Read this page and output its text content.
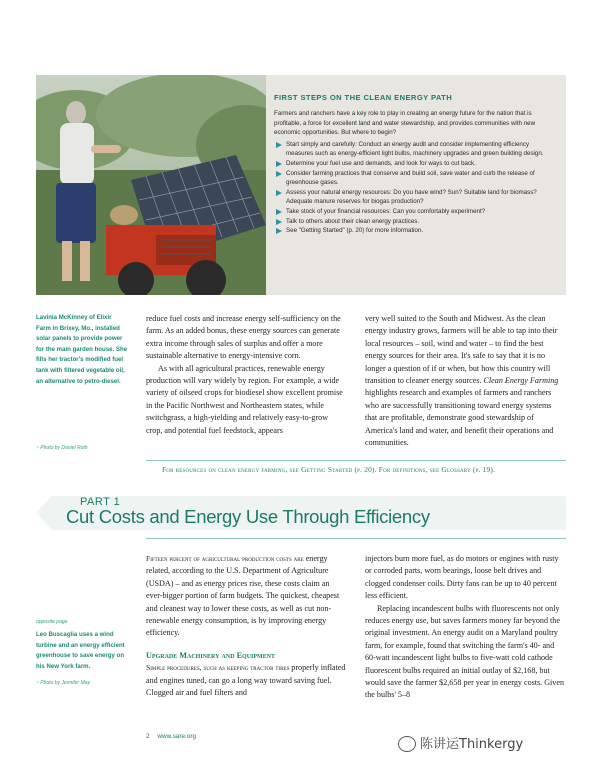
FIRST STEPS ON THE CLEAN ENERGY PATH
Farmers and ranchers have a key role to play in creating an energy future for the nation that is profitable, a force for excellent land and water stewardship, and provides communities with new economic opportunities. But where to begin?
Start simply and carefully: Conduct an energy audit and consider implementing efficiency measures such as energy-efficient light bulbs, machinery upgrades and green building design.
Determine your fuel use and demands, and look for ways to cut back.
Consider farming practices that conserve and build soil, save water and curb the release of greenhouse gases.
Assess your natural energy resources: Do you have wind? Sun? Suitable land for biomass? Adequate manure reserves for biogas production?
Take stock of your financial resources: Can you comfortably experiment?
Talk to others about their clean energy practices.
See "Getting Started" (p. 20) for more information.
Lavinia McKinney of Elixir Farm in Brixey, Mo., installed solar panels to provide power for the main garden house. She fills her tractor's modified fuel tank with filtered vegetable oil, an alternative to petro-diesel.
~ Photo by Daniel Roth

reduce fuel costs and increase energy self-sufficiency on the farm. As an added bonus, these energy sources can generate extra income through sales of surplus and offer a more sustainable alternative to energy-intensive corn.

As with all agricultural practices, renewable energy production will vary widely by region. For example, a wide variety of oilseed crops for biodiesel show excellent promise in the Pacific Northwest and Northeastern states, while switchgrass, a high-yielding and relatively easy-to-grow crop, and potential fuel feedstock, appears

very well suited to the South and Midwest. As the clean energy industry grows, farmers will be able to tap into their local resources – soil, wind and water – to find the best energy sources for their area. It's safe to say that it is no longer a question of if or when, but how this country will transition to cleaner energy sources. Clean Energy Farming highlights research and examples of farmers and ranchers who are successfully transitioning toward energy systems that are profitable, demonstrate good stewardship of America's land and water, and benefit their operations and communities.

For resources on clean energy farming, see Getting Started (p. 20). For definitions, see Glossary (p. 19).
PART 1
Cut Costs and Energy Use Through Efficiency
opposite page
Leo Buscaglia uses a wind turbine and an energy efficient greenhouse to save energy on his New York farm.
~ Photo by Jennifer May

Fifteen percent of agricultural production costs are energy related, according to the U.S. Department of Agriculture (USDA) – and as energy prices rise, these costs claim an ever-bigger portion of farm budgets. The quickest, cheapest and cleanest way to lower these costs, as well as cut non-renewable energy consumption, is by improving energy efficiency.

Upgrade Machinery and Equipment

Simple procedures, such as keeping tractor tires properly inflated and engines tuned, can go a long way toward saving fuel. Clogged air and fuel filters and

injectors burn more fuel, as do motors or engines with rusty or corroded parts, worn bearings, loose belt drives and clogged condenser coils. Dirty fans can be up to 40 percent less efficient.

Replacing incandescent bulbs with fluorescents not only reduces energy use, but saves farmers money far beyond the original investment. An energy audit on a Maryland poultry farm, for example, found that switching the farm's 40- and 60-watt incandescent light bulbs to five-watt cold cathode fluorescent bulbs required an initial outlay of $2,168, but would save the farmer $2,658 per year in energy costs. Given the bulbs' 5–8

2 www.sare.org
陈讲运Thinkergy
